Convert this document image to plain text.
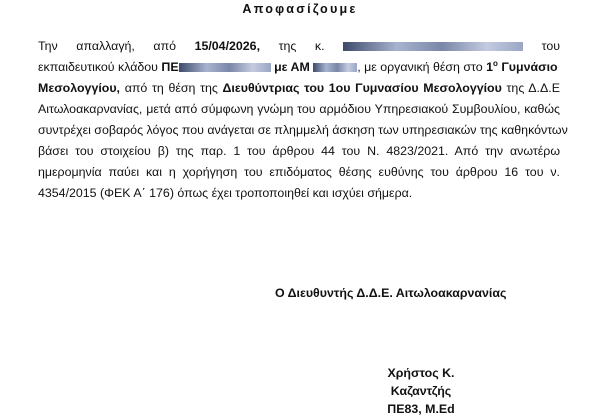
Αποφασίζουμε
Την απαλλαγή, από 15/04/2026, της κ.	του
εκπαιδευτικού κλάδου ΠΕ	με ΑΜ	, με οργανική θέση στο $1^o$ Γυμνάσιο
Μεσολογγίου, από τη θέση της Διευθύντριας του 1ου Γυμνασίου Μεσολογγίου της Δ.Δ.Ε
Αιτωλοακαρνανίας, μετά από σύμφωνη γνώμη του αρμόδιου Υπηρεσιακού Συμβουλίου, καθώς
συντρέχει σοβαρός λόγος που ανάγεται σε πλημμελή άσκηση των υπηρεσιακών της καθηκόντων
βάσει του στοιχείου β) της παρ. 1 του άρθρου 44 του Ν. 4823/2021. Από την ανωτέρω
ημερομηνία παύει και η χορήγηση του επιδόματος θέσης ευθύνης του άρθρου 16 του ν.
4354/2015 (ΦΕΚ Α΄ 176) όπως έχει τροποποιηθεί και ισχύει σήμερα.
Ο Διευθυντής Δ.Δ.Ε. Αιτωλοακαρνανίας
Χρήστος Κ. Καζαντζής
ΠΕ83, M.Ed
